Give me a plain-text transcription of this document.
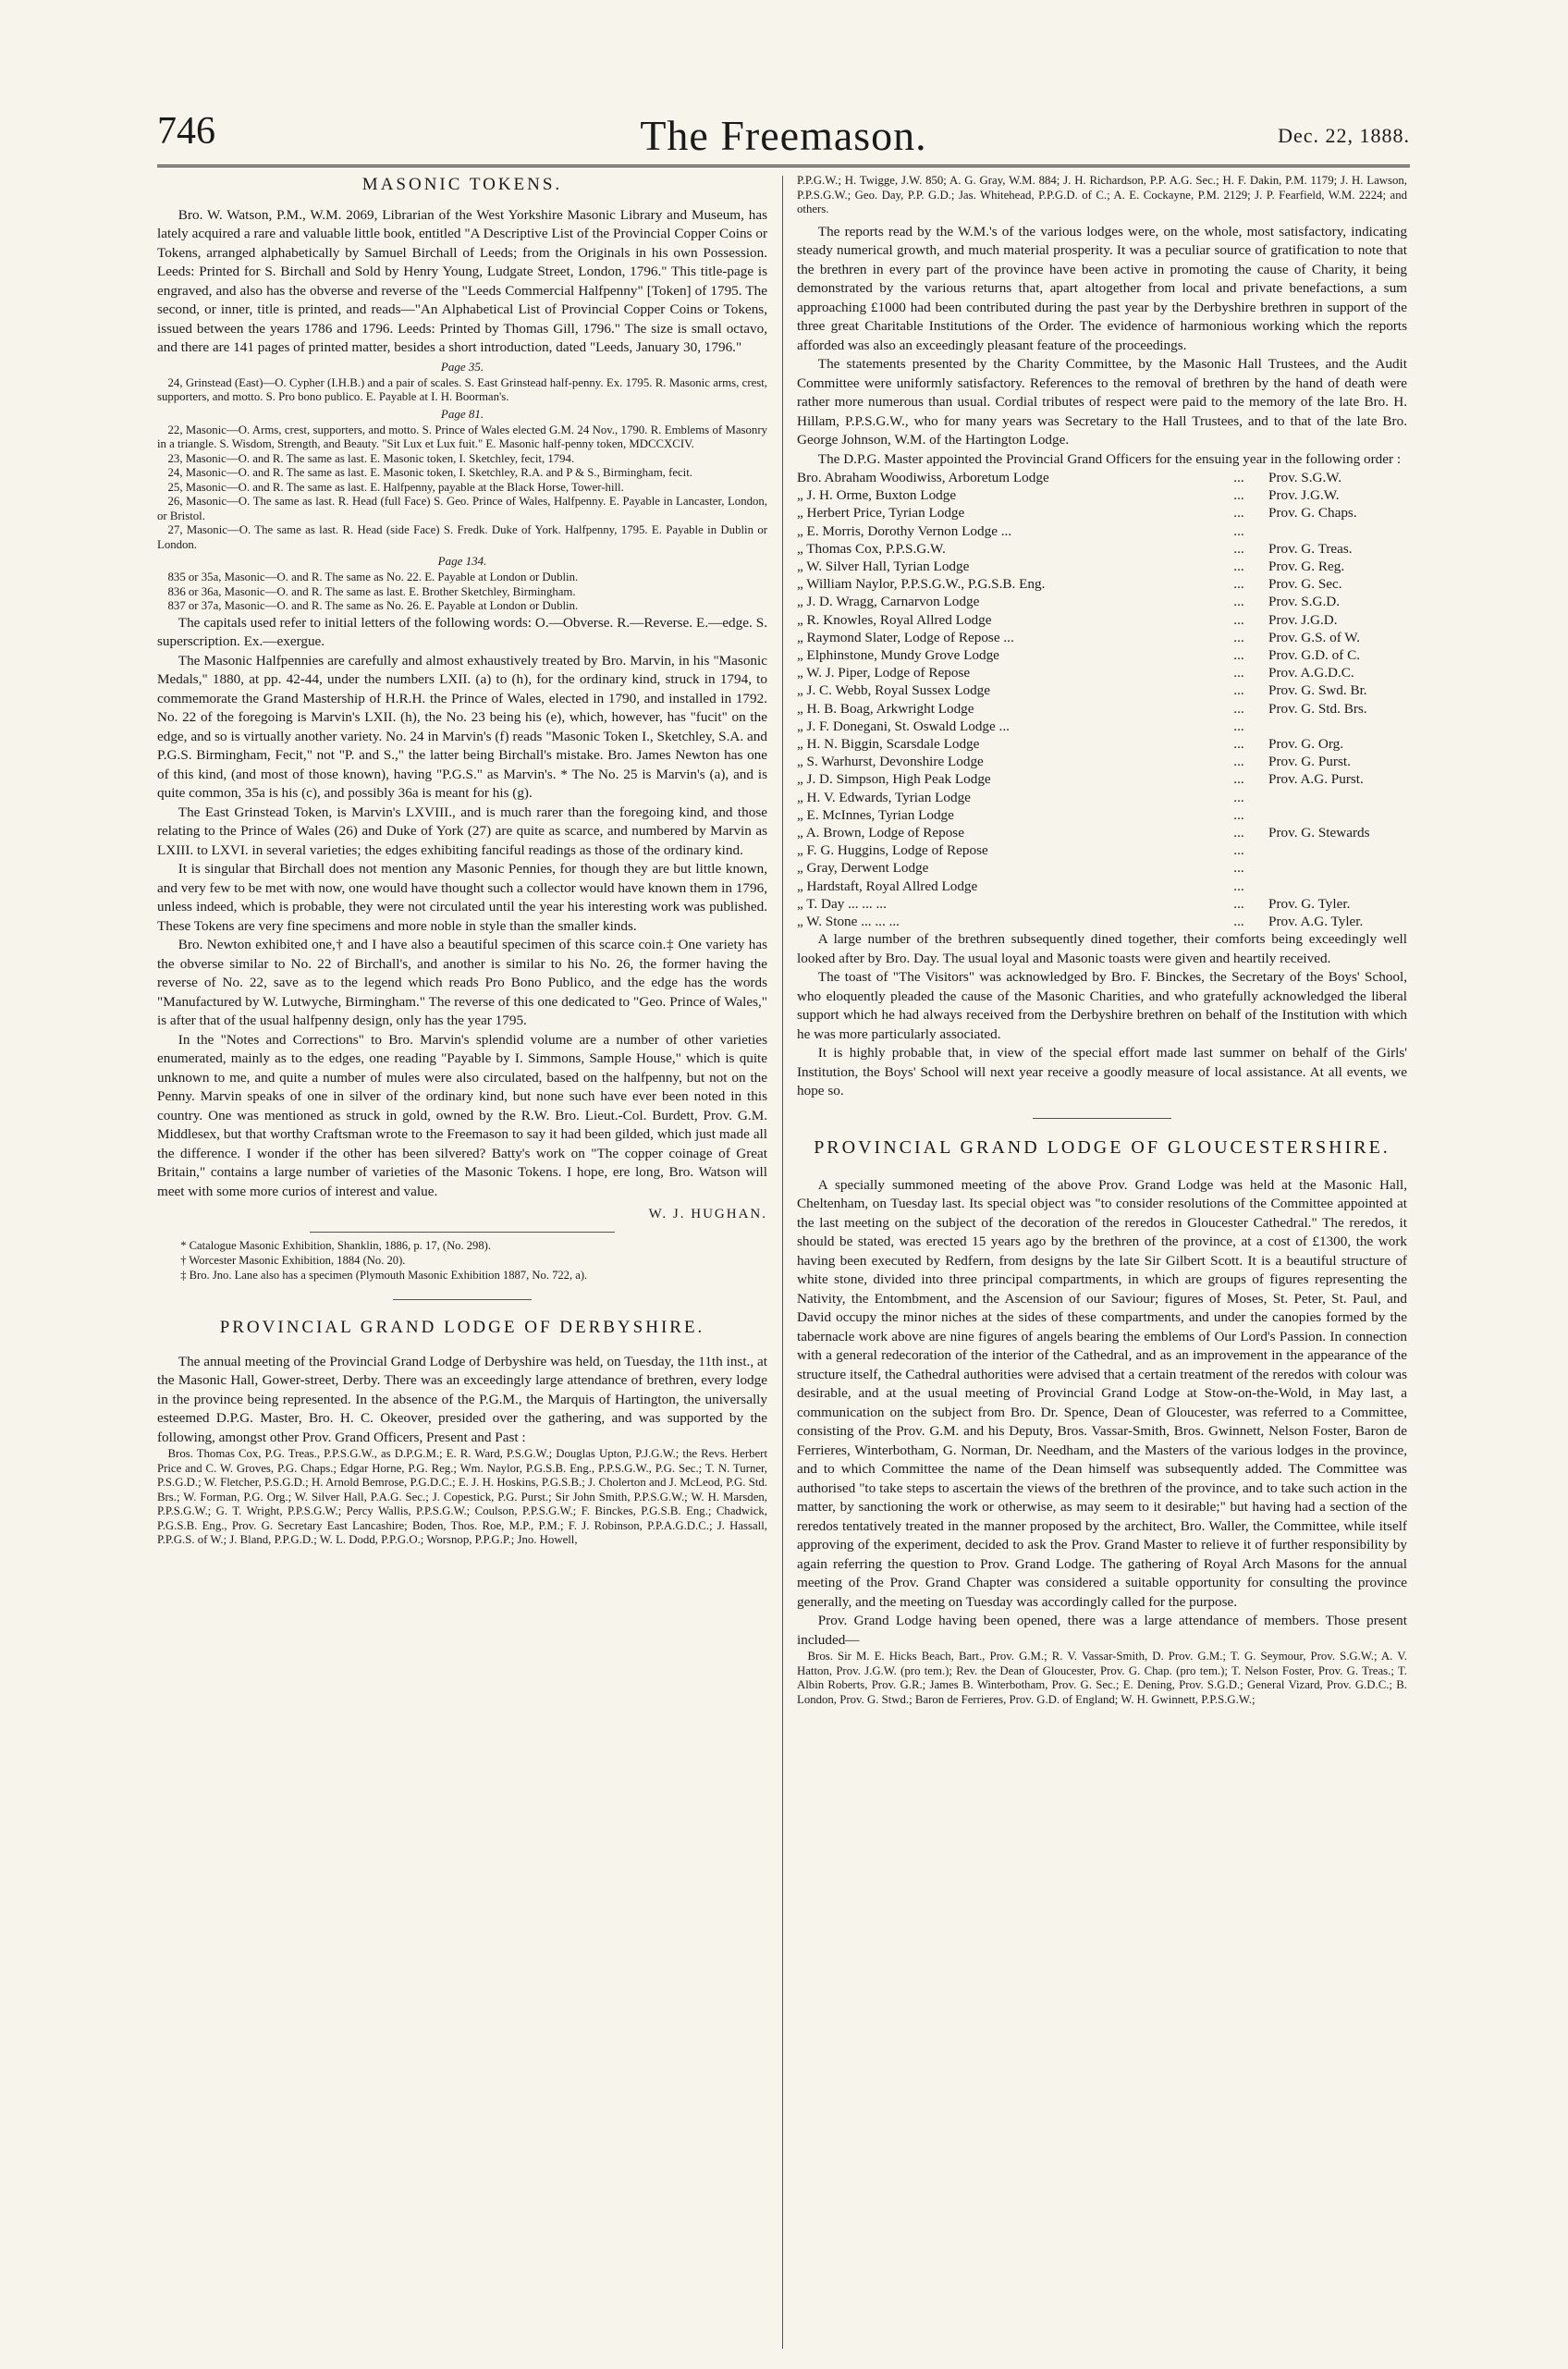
746	The Freemason.	Dec. 22, 1888.
MASONIC TOKENS.

Bro. W. Watson, P.M., W.M. 2069, Librarian of the West Yorkshire Masonic Library and Museum, has lately acquired a rare and valuable little book, entitled "A Descriptive List of the Provincial Copper Coins or Tokens, arranged alphabetically by Samuel Birchall of Leeds; from the Originals in his own Possession. Leeds: Printed for S. Birchall and Sold by Henry Young, Ludgate Street, London, 1796." This title-page is engraved, and also has the obverse and reverse of the "Leeds Commercial Halfpenny" [Token] of 1795. The second, or inner, title is printed, and reads—"An Alphabetical List of Provincial Copper Coins or Tokens, issued between the years 1786 and 1796. Leeds: Printed by Thomas Gill, 1796." The size is small octavo, and there are 141 pages of printed matter, besides a short introduction, dated "Leeds, January 30, 1796."

Page 35.

24, Grinstead (East)—O. Cypher (I.H.B.) and a pair of scales. S. East Grinstead half-penny. Ex. 1795. R. Masonic arms, crest, supporters, and motto. S. Pro bono publico. E. Payable at I. H. Boorman's.

Page 81.

22, Masonic—O. Arms, crest, supporters, and motto. S. Prince of Wales elected G.M. 24 Nov., 1790. R. Emblems of Masonry in a triangle. S. Wisdom, Strength, and Beauty. "Sit Lux et Lux fuit." E. Masonic half-penny token, MDCCXCIV.

23, Masonic—O. and R. The same as last. E. Masonic token, I. Sketchley, fecit, 1794.

24, Masonic—O. and R. The same as last. E. Masonic token, I. Sketchley, R.A. and P & S., Birmingham, fecit.

25, Masonic—O. and R. The same as last. E. Halfpenny, payable at the Black Horse, Tower-hill.

26, Masonic—O. The same as last. R. Head (full Face) S. Geo. Prince of Wales, Halfpenny. E. Payable in Lancaster, London, or Bristol.

27, Masonic—O. The same as last. R. Head (side Face) S. Fredk. Duke of York. Halfpenny, 1795. E. Payable in Dublin or London.

Page 134.

835 or 35a, Masonic—O. and R. The same as No. 22. E. Payable at London or Dublin.

836 or 36a, Masonic—O. and R. The same as last. E. Brother Sketchley, Birmingham.

837 or 37a, Masonic—O. and R. The same as No. 26. E. Payable at London or Dublin.

The capitals used refer to initial letters of the following words: O.—Obverse. R.—Reverse. E.—edge. S. superscription. Ex.—exergue.

The Masonic Halfpennies are carefully and almost exhaustively treated by Bro. Marvin, in his "Masonic Medals," 1880, at pp. 42-44, under the numbers LXII. (a) to (h), for the ordinary kind, struck in 1794, to commemorate the Grand Mastership of H.R.H. the Prince of Wales, elected in 1790, and installed in 1792. No. 22 of the foregoing is Marvin's LXII. (h), the No. 23 being his (e), which, however, has "fucit" on the edge, and so is virtually another variety. No. 24 in Marvin's (f) reads "Masonic Token I., Sketchley, S.A. and P.G.S. Birmingham, Fecit," not "P. and S.," the latter being Birchall's mistake. Bro. James Newton has one of this kind, (and most of those known), having "P.G.S." as Marvin's. * The No. 25 is Marvin's (a), and is quite common, 35a is his (c), and possibly 36a is meant for his (g).

The East Grinstead Token, is Marvin's LXVIII., and is much rarer than the foregoing kind, and those relating to the Prince of Wales (26) and Duke of York (27) are quite as scarce, and numbered by Marvin as LXIII. to LXVI. in several varieties; the edges exhibiting fanciful readings as those of the ordinary kind.

It is singular that Birchall does not mention any Masonic Pennies, for though they are but little known, and very few to be met with now, one would have thought such a collector would have known them in 1796, unless indeed, which is probable, they were not circulated until the year his interesting work was published. These Tokens are very fine specimens and more noble in style than the smaller kinds.

Bro. Newton exhibited one,† and I have also a beautiful specimen of this scarce coin.‡ One variety has the obverse similar to No. 22 of Birchall's, and another is similar to his No. 26, the former having the reverse of No. 22, save as to the legend which reads Pro Bono Publico, and the edge has the words "Manufactured by W. Lutwyche, Birmingham." The reverse of this one dedicated to "Geo. Prince of Wales," is after that of the usual halfpenny design, only has the year 1795.

In the "Notes and Corrections" to Bro. Marvin's splendid volume are a number of other varieties enumerated, mainly as to the edges, one reading "Payable by I. Simmons, Sample House," which is quite unknown to me, and quite a number of mules were also circulated, based on the halfpenny, but not on the Penny. Marvin speaks of one in silver of the ordinary kind, but none such have ever been noted in this country. One was mentioned as struck in gold, owned by the R.W. Bro. Lieut.-Col. Burdett, Prov. G.M. Middlesex, but that worthy Craftsman wrote to the Freemason to say it had been gilded, which just made all the difference. I wonder if the other has been silvered? Batty's work on "The copper coinage of Great Britain," contains a large number of varieties of the Masonic Tokens. I hope, ere long, Bro. Watson will meet with some more curios of interest and value.

W. J. HUGHAN.

* Catalogue Masonic Exhibition, Shanklin, 1886, p. 17, (No. 298).

† Worcester Masonic Exhibition, 1884 (No. 20).

‡ Bro. Jno. Lane also has a specimen (Plymouth Masonic Exhibition 1887, No. 722, a).

PROVINCIAL GRAND LODGE OF DERBYSHIRE.

The annual meeting of the Provincial Grand Lodge of Derbyshire was held, on Tuesday, the 11th inst., at the Masonic Hall, Gower-street, Derby. There was an exceedingly large attendance of brethren, every lodge in the province being represented. In the absence of the P.G.M., the Marquis of Hartington, the universally esteemed D.P.G. Master, Bro. H. C. Okeover, presided over the gathering, and was supported by the following, amongst other Prov. Grand Officers, Present and Past :

Bros. Thomas Cox, P.G. Treas., P.P.S.G.W., as D.P.G.M.; E. R. Ward, P.S.G.W.; Douglas Upton, P.J.G.W.; the Revs. Herbert Price and C. W. Groves, P.G. Chaps.; Edgar Horne, P.G. Reg.; Wm. Naylor, P.G.S.B. Eng., P.P.S.G.W., P.G. Sec.; T. N. Turner, P.S.G.D.; W. Fletcher, P.S.G.D.; H. Arnold Bemrose, P.G.D.C.; E. J. H. Hoskins, P.G.S.B.; J. Cholerton and J. McLeod, P.G. Std. Brs.; W. Forman, P.G. Org.; W. Silver Hall, P.A.G. Sec.; J. Copestick, P.G. Purst.; Sir John Smith, P.P.S.G.W.; W. H. Marsden, P.P.S.G.W.; G. T. Wright, P.P.S.G.W.; Percy Wallis, P.P.S.G.W.; Coulson, P.P.S.G.W.; F. Binckes, P.G.S.B. Eng.; Chadwick, P.G.S.B. Eng., Prov. G. Secretary East Lancashire; Boden, Thos. Roe, M.P., P.M.; F. J. Robinson, P.P.A.G.D.C.; J. Hassall, P.P.G.S. of W.; J. Bland, P.P.G.D.; W. L. Dodd, P.P.G.O.; Worsnop, P.P.G.P.; Jno. Howell,

P.P.G.W.; H. Twigge, J.W. 850; A. G. Gray, W.M. 884; J. H. Richardson, P.P. A.G. Sec.; H. F. Dakin, P.M. 1179; J. H. Lawson, P.P.S.G.W.; Geo. Day, P.P. G.D.; Jas. Whitehead, P.P.G.D. of C.; A. E. Cockayne, P.M. 2129; J. P. Fearfield, W.M. 2224; and others.

The reports read by the W.M.'s of the various lodges were, on the whole, most satisfactory, indicating steady numerical growth, and much material prosperity. It was a peculiar source of gratification to note that the brethren in every part of the province have been active in promoting the cause of Charity, it being demonstrated by the various returns that, apart altogether from local and private benefactions, a sum approaching £1000 had been contributed during the past year by the Derbyshire brethren in support of the three great Charitable Institutions of the Order. The evidence of harmonious working which the reports afforded was also an exceedingly pleasant feature of the proceedings.

The statements presented by the Charity Committee, by the Masonic Hall Trustees, and the Audit Committee were uniformly satisfactory. References to the removal of brethren by the hand of death were rather more numerous than usual. Cordial tributes of respect were paid to the memory of the late Bro. H. Hillam, P.P.S.G.W., who for many years was Secretary to the Hall Trustees, and to that of the late Bro. George Johnson, W.M. of the Hartington Lodge.

The D.P.G. Master appointed the Provincial Grand Officers for the ensuing year in the following order :

Bro. Abraham Woodiwiss, Arboretum Lodge	...	Prov. S.G.W.
„ J. H. Orme, Buxton Lodge	...	Prov. J.G.W.
„ Herbert Price, Tyrian Lodge	...	Prov. G. Chaps.
„ E. Morris, Dorothy Vernon Lodge ...	...	
„ Thomas Cox, P.P.S.G.W.	...	Prov. G. Treas.
„ W. Silver Hall, Tyrian Lodge	...	Prov. G. Reg.
„ William Naylor, P.P.S.G.W., P.G.S.B. Eng.	...	Prov. G. Sec.
„ J. D. Wragg, Carnarvon Lodge	...	Prov. S.G.D.
„ R. Knowles, Royal Allred Lodge	...	Prov. J.G.D.
„ Raymond Slater, Lodge of Repose ...	...	Prov. G.S. of W.
„ Elphinstone, Mundy Grove Lodge	...	Prov. G.D. of C.
„ W. J. Piper, Lodge of Repose	...	Prov. A.G.D.C.
„ J. C. Webb, Royal Sussex Lodge	...	Prov. G. Swd. Br.
„ H. B. Boag, Arkwright Lodge	...	Prov. G. Std. Brs.
„ J. F. Donegani, St. Oswald Lodge ...	...	
„ H. N. Biggin, Scarsdale Lodge	...	Prov. G. Org.
„ S. Warhurst, Devonshire Lodge	...	Prov. G. Purst.
„ J. D. Simpson, High Peak Lodge	...	Prov. A.G. Purst.
„ H. V. Edwards, Tyrian Lodge	...	
„ E. McInnes, Tyrian Lodge	...	
„ A. Brown, Lodge of Repose	...	Prov. G. Stewards
„ F. G. Huggins, Lodge of Repose	...	
„ Gray, Derwent Lodge	...	
„ Hardstaft, Royal Allred Lodge	...	
„ T. Day ... ... ...	...	Prov. G. Tyler.
„ W. Stone ... ... ...	...	Prov. A.G. Tyler.

A large number of the brethren subsequently dined together, their comforts being exceedingly well looked after by Bro. Day. The usual loyal and Masonic toasts were given and heartily received.

The toast of "The Visitors" was acknowledged by Bro. F. Binckes, the Secretary of the Boys' School, who eloquently pleaded the cause of the Masonic Charities, and who gratefully acknowledged the liberal support which he had always received from the Derbyshire brethren on behalf of the Institution with which he was more particularly associated.

It is highly probable that, in view of the special effort made last summer on behalf of the Girls' Institution, the Boys' School will next year receive a goodly measure of local assistance. At all events, we hope so.

PROVINCIAL GRAND LODGE OF GLOUCESTERSHIRE.

A specially summoned meeting of the above Prov. Grand Lodge was held at the Masonic Hall, Cheltenham, on Tuesday last. Its special object was "to consider resolutions of the Committee appointed at the last meeting on the subject of the decoration of the reredos in Gloucester Cathedral." The reredos, it should be stated, was erected 15 years ago by the brethren of the province, at a cost of £1300, the work having been executed by Redfern, from designs by the late Sir Gilbert Scott. It is a beautiful structure of white stone, divided into three principal compartments, in which are groups of figures representing the Nativity, the Entombment, and the Ascension of our Saviour; figures of Moses, St. Peter, St. Paul, and David occupy the minor niches at the sides of these compartments, and under the canopies formed by the tabernacle work above are nine figures of angels bearing the emblems of Our Lord's Passion. In connection with a general redecoration of the interior of the Cathedral, and as an improvement in the appearance of the structure itself, the Cathedral authorities were advised that a certain treatment of the reredos with colour was desirable, and at the usual meeting of Provincial Grand Lodge at Stow-on-the-Wold, in May last, a communication on the subject from Bro. Dr. Spence, Dean of Gloucester, was referred to a Committee, consisting of the Prov. G.M. and his Deputy, Bros. Vassar-Smith, Bros. Gwinnett, Nelson Foster, Baron de Ferrieres, Winterbotham, G. Norman, Dr. Needham, and the Masters of the various lodges in the province, and to which Committee the name of the Dean himself was subsequently added. The Committee was authorised "to take steps to ascertain the views of the brethren of the province, and to take such action in the matter, by sanctioning the work or otherwise, as may seem to it desirable;" but having had a section of the reredos tentatively treated in the manner proposed by the architect, Bro. Waller, the Committee, while itself approving of the experiment, decided to ask the Prov. Grand Master to relieve it of further responsibility by again referring the question to Prov. Grand Lodge. The gathering of Royal Arch Masons for the annual meeting of the Prov. Grand Chapter was considered a suitable opportunity for consulting the province generally, and the meeting on Tuesday was accordingly called for the purpose.

Prov. Grand Lodge having been opened, there was a large attendance of members. Those present included—

Bros. Sir M. E. Hicks Beach, Bart., Prov. G.M.; R. V. Vassar-Smith, D. Prov. G.M.; T. G. Seymour, Prov. S.G.W.; A. V. Hatton, Prov. J.G.W. (pro tem.); Rev. the Dean of Gloucester, Prov. G. Chap. (pro tem.); T. Nelson Foster, Prov. G. Treas.; T. Albin Roberts, Prov. G.R.; James B. Winterbotham, Prov. G. Sec.; E. Dening, Prov. S.G.D.; General Vizard, Prov. G.D.C.; B. London, Prov. G. Stwd.; Baron de Ferrieres, Prov. G.D. of England; W. H. Gwinnett, P.P.S.G.W.;
